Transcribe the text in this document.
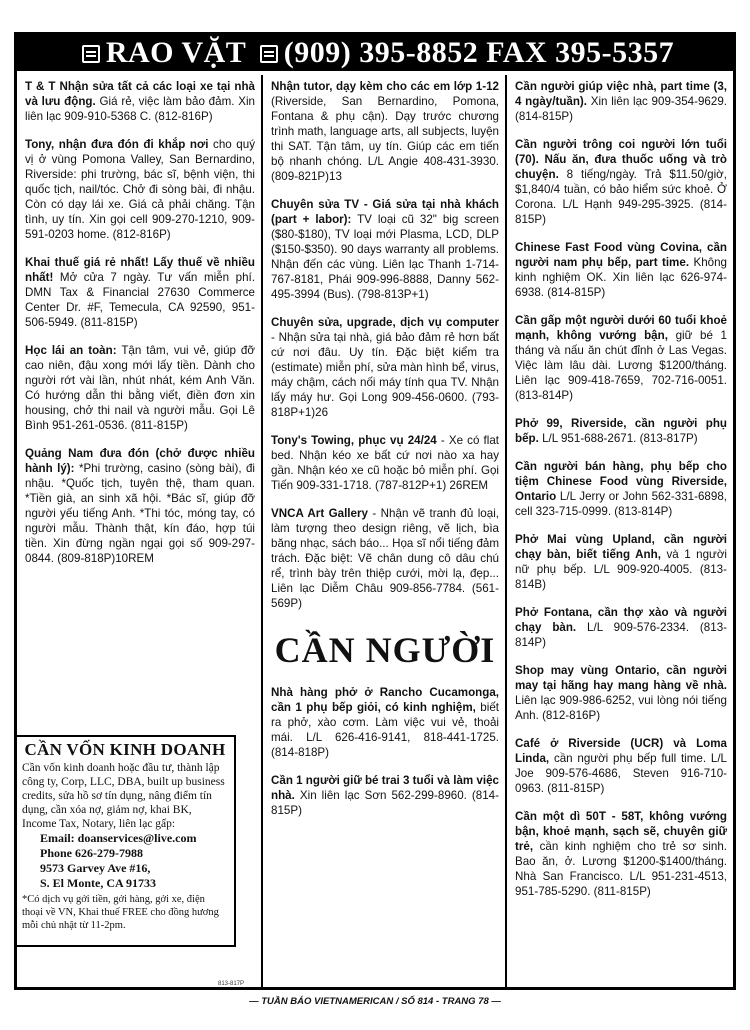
RAO VẶT (909) 395-8852 FAX 395-5357
T & T Nhận sửa tất cả các loại xe tại nhà và lưu động. Giá rẻ, việc làm bảo đảm. Xin liên lạc 909-910-5368 C. (812-816P)
Tony, nhận đưa đón đi khắp nơi cho quý vị ở vùng Pomona Valley, San Bernardino, Riverside: phi trường, bác sĩ, bệnh viện, thi quốc tịch, nail/tóc. Chở đi sòng bài, đi nhậu. Còn có dạy lái xe. Giá cả phải chăng. Tận tình, uy tín. Xin gọi cell 909-270-1210, 909-591-0203 home. (812-816P)
Khai thuế giá rẻ nhất! Lấy thuế về nhiều nhất! Mở cửa 7 ngày. Tư vấn miễn phí. DMN Tax & Financial 27630 Commerce Center Dr. #F, Temecula, CA 92590, 951-506-5949. (811-815P)
Học lái an toàn: Tận tâm, vui vẻ, giúp đỡ cao niên, đậu xong mới lấy tiền. Dành cho người rớt vài lần, nhút nhát, kém Anh Văn. Có hướng dẫn thi bằng viết, điền đơn xin housing, chở thi nail và người mẫu. Gọi Lê Bình 951-261-0536. (811-815P)
Quảng Nam đưa đón (chở được nhiều hành lý): *Phi trường, casino (sòng bài), đi nhậu. *Quốc tịch, tuyên thệ, tham quan. *Tiền già, an sinh xã hội. *Bác sĩ, giúp đỡ người yếu tiếng Anh. *Thi tóc, móng tay, có người mẫu. Thành thật, kín đáo, hợp túi tiền. Xin đừng ngần ngại gọi số 909-297-0844. (809-818P)10REM
Nhận tutor, dạy kèm cho các em lớp 1-12 (Riverside, San Bernardino, Pomona, Fontana & phụ cận). Dạy trước chương trình math, language arts, all subjects, luyện thi SAT. Tận tâm, uy tín. Giúp các em tiến bộ nhanh chóng. L/L Angie 408-431-3930. (809-821P)13
Chuyên sửa TV - Giá sửa tại nhà khách (part + labor): TV loại cũ 32" big screen ($80-$180), TV loại mới Plasma, LCD, DLP ($150-$350). 90 days warranty all problems. Nhận đến các vùng. Liên lạc Thanh 1-714-767-8181, Phái 909-996-8888, Danny 562-495-3994 (Bus). (798-813P+1)
Chuyên sửa, upgrade, dịch vụ computer - Nhận sửa tại nhà, giá bảo đảm rẻ hơn bất cứ nơi đâu. Uy tín. Đặc biệt kiểm tra (estimate) miễn phí, sửa màn hình bể, virus, máy chậm, cách nối máy tính qua TV. Nhận lấy máy hư. Gọi Long 909-456-0600. (793-818P+1)26
Tony's Towing, phục vụ 24/24 - Xe có flat bed. Nhận kéo xe bất cứ nơi nào xa hay gần. Nhận kéo xe cũ hoặc bỏ miễn phí. Gọi Tiến 909-331-1718. (787-812P+1) 26REM
VNCA Art Gallery - Nhận vẽ tranh đủ loại, làm tượng theo design riêng, vẽ lịch, bìa băng nhạc, sách báo... Họa sĩ nổi tiếng đảm trách. Đặc biệt: Vẽ chân dung cô dâu chú rể, trình bày trên thiệp cưới, mời lạ, đẹp... Liên lạc Diễm Châu 909-856-7784. (561-569P)
CẦN NGƯỜI
Nhà hàng phở ở Rancho Cucamonga, cần 1 phụ bếp giỏi, có kinh nghiệm, biết ra phở, xào cơm. Làm việc vui vẻ, thoải mái. L/L 626-416-9141, 818-441-1725. (814-818P)
Cần 1 người giữ bé trai 3 tuổi và làm việc nhà. Xin liên lạc Sơn 562-299-8960. (814-815P)
Cần người giúp việc nhà, part time (3, 4 ngày/tuần). Xin liên lạc 909-354-9629. (814-815P)
Cần người trông coi người lớn tuổi (70). Nấu ăn, đưa thuốc uống và trò chuyện. 8 tiếng/ngày. Trả $11.50/giờ, $1,840/4 tuần, có bảo hiểm sức khoẻ. Ở Corona. L/L Hạnh 949-295-3925. (814-815P)
Chinese Fast Food vùng Covina, cần người nam phụ bếp, part time. Không kinh nghiệm OK. Xin liên lạc 626-974-6938. (814-815P)
Cần gấp một người dưới 60 tuổi khoẻ mạnh, không vướng bận, giữ bé 1 tháng và nấu ăn chút đỉnh ở Las Vegas. Việc làm lâu dài. Lương $1200/tháng. Liên lạc 909-418-7659, 702-716-0051. (813-814P)
Phở 99, Riverside, cần người phụ bếp. L/L 951-688-2671. (813-817P)
Cần người bán hàng, phụ bếp cho tiệm Chinese Food vùng Riverside, Ontario L/L Jerry or John 562-331-6898, cell 323-715-0999. (813-814P)
Phở Mai vùng Upland, cần người chạy bàn, biết tiếng Anh, và 1 người nữ phụ bếp. L/L 909-920-4005. (813-814B)
Phở Fontana, cần thợ xào và người chạy bàn. L/L 909-576-2334. (813-814P)
Shop may vùng Ontario, cần người may tại hãng hay mang hàng về nhà. Liên lạc 909-986-6252, vui lòng nói tiếng Anh. (812-816P)
Café ở Riverside (UCR) và Loma Linda, cần người phụ bếp full time. L/L Joe 909-576-4686, Steven 916-710-0963. (811-815P)
Cần một dì 50T - 58T, không vướng bận, khoẻ mạnh, sạch sẽ, chuyên giữ trẻ, cần kinh nghiệm cho trẻ sơ sinh. Bao ăn, ở. Lương $1200-$1400/tháng. Nhà San Francisco. L/L 951-231-4513, 951-785-5290. (811-815P)
CẦN VỐN KINH DOANH
Cần vốn kinh doanh hoặc đầu tư, thành lập công ty, Corp, LLC, DBA, built up business credits, sửa hồ sơ tín dụng, nâng điểm tín dụng, cần xóa nợ, giảm nợ, khai BK, Income Tax, Notary, liên lạc gấp:
Email: doanservices@live.com
Phone 626-279-7988
9573 Garvey Ave #16,
S. El Monte, CA 91733
*Có dịch vụ gởi tiền, gởi hàng, gởi xe, điện thoại về VN, Khai thuế FREE cho đồng hương mỗi chủ nhật từ 11-2pm.
813-817P
— TUẦN BÁO VIETNAMERICAN / SỐ 814 - TRANG 78 —
